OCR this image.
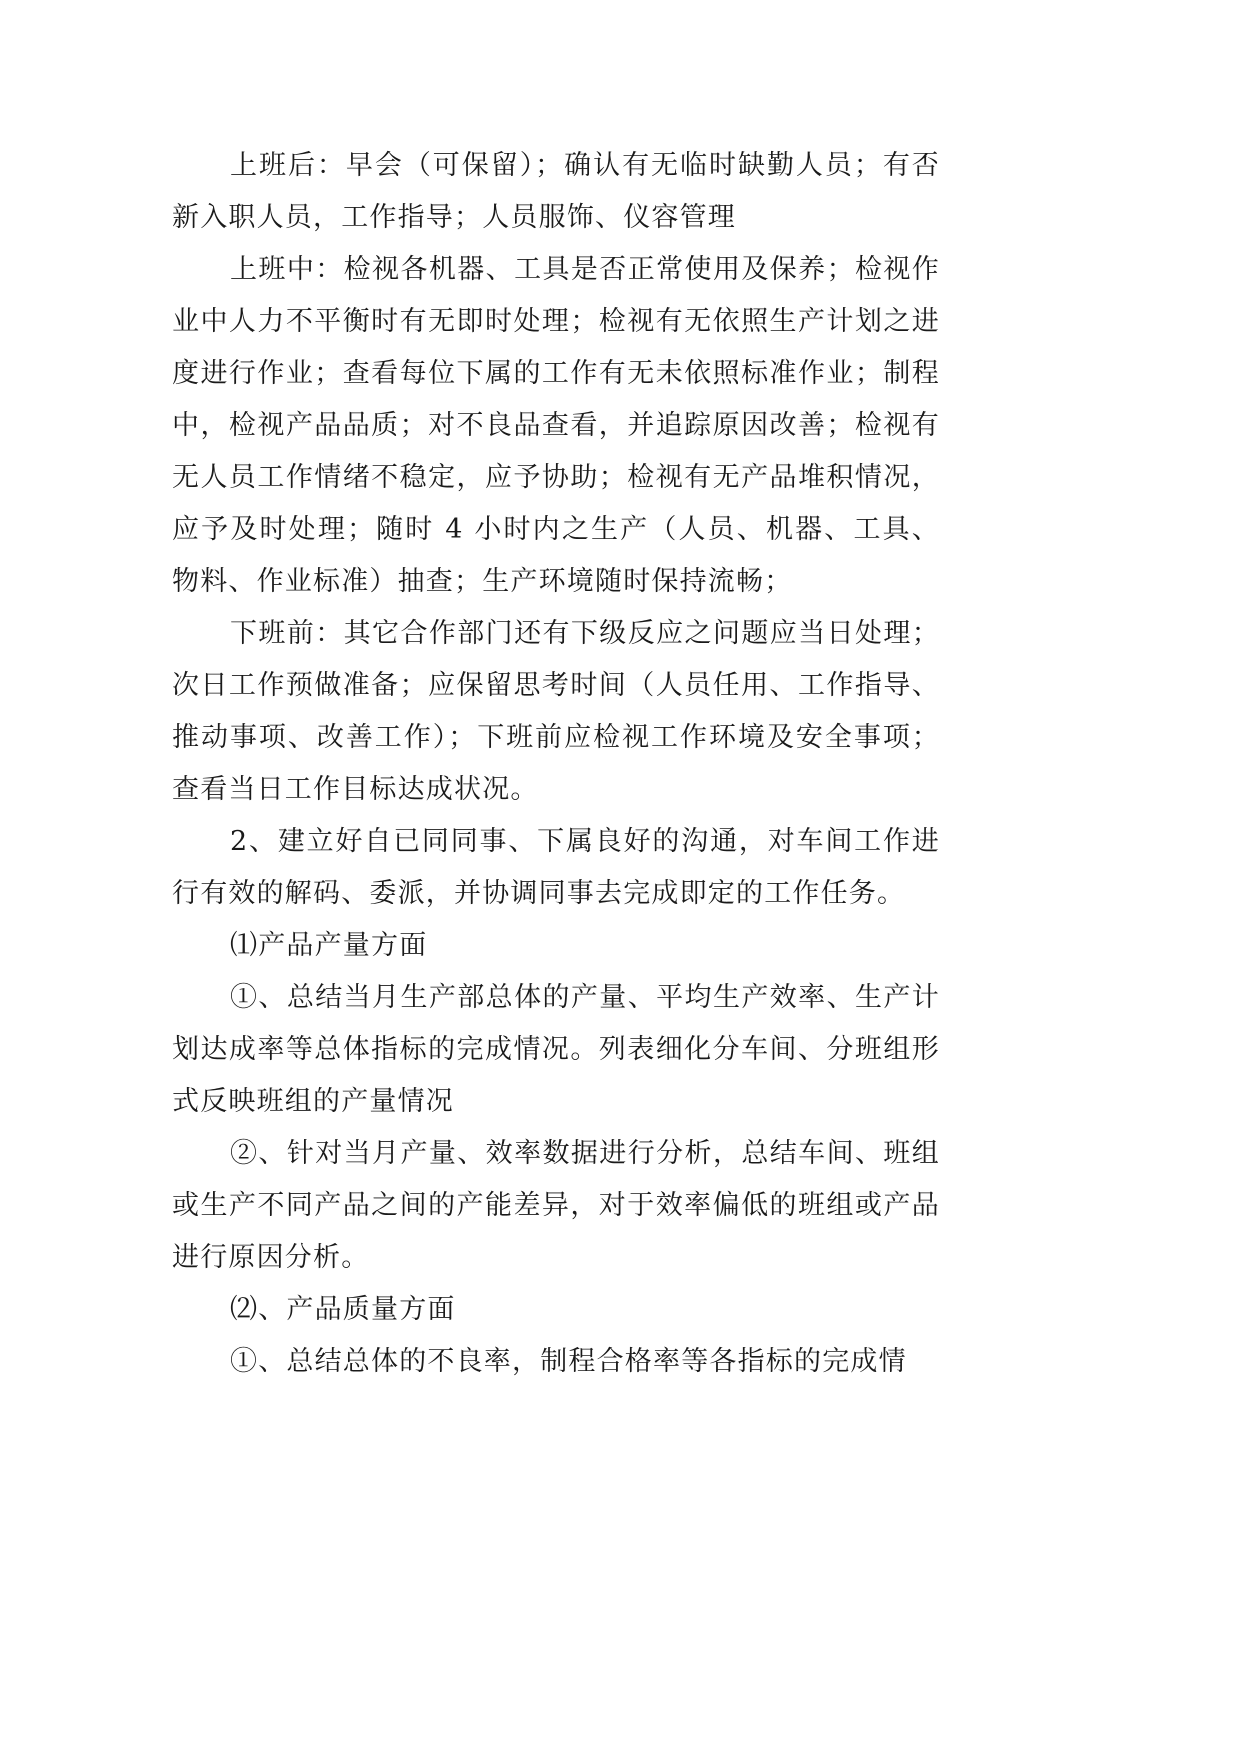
上班后：早会（可保留）；确认有无临时缺勤人员；有否新入职人员，工作指导；人员服饰、仪容管理

上班中：检视各机器、工具是否正常使用及保养；检视作业中人力不平衡时有无即时处理；检视有无依照生产计划之进度进行作业；查看每位下属的工作有无未依照标准作业；制程中，检视产品品质；对不良品查看，并追踪原因改善；检视有无人员工作情绪不稳定，应予协助；检视有无产品堆积情况，应予及时处理；随时 4 小时内之生产（人员、机器、工具、物料、作业标准）抽查；生产环境随时保持流畅；

下班前：其它合作部门还有下级反应之问题应当日处理；次日工作预做准备；应保留思考时间（人员任用、工作指导、推动事项、改善工作）；下班前应检视工作环境及安全事项；查看当日工作目标达成状况。

2、建立好自已同同事、下属良好的沟通，对车间工作进行有效的解码、委派，并协调同事去完成即定的工作任务。

⑴产品产量方面

①、总结当月生产部总体的产量、平均生产效率、生产计划达成率等总体指标的完成情况。列表细化分车间、分班组形式反映班组的产量情况

②、针对当月产量、效率数据进行分析，总结车间、班组或生产不同产品之间的产能差异，对于效率偏低的班组或产品进行原因分析。

⑵、产品质量方面

①、总结总体的不良率，制程合格率等各指标的完成情
